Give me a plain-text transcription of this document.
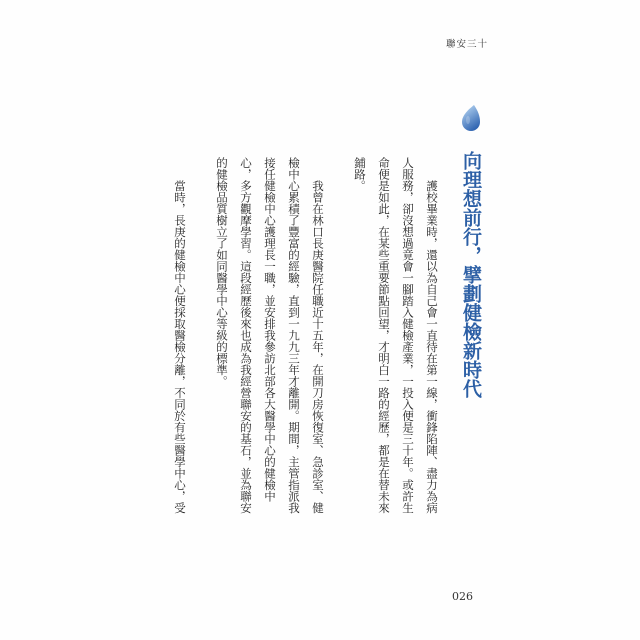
聯安三十
向理想前行，擘劃健檢新時代
護校畢業時，還以為自己會一直待在第一線，衝鋒陷陣、盡力為病
人服務，卻沒想過竟會一腳踏入健檢產業，一投入便是三十年。或許生
命便是如此，在某些重要節點回望，才明白一路的經歷，都是在替未來
鋪路。
我曾在林口長庚醫院任職近十五年，在開刀房恢復室、急診室、健
檢中心累積了豐富的經驗，直到一九九三年才離開。期間，主管指派我
接任健檢中心護理長一職，並安排我參訪北部各大醫學中心的健檢中
心，多方觀摩學習。這段經歷後來也成為我經營聯安的基石，並為聯安
的健檢品質樹立了如同醫學中心等級的標準。
當時，長庚的健檢中心便採取醫檢分離，不同於有些醫學中心，受
026
